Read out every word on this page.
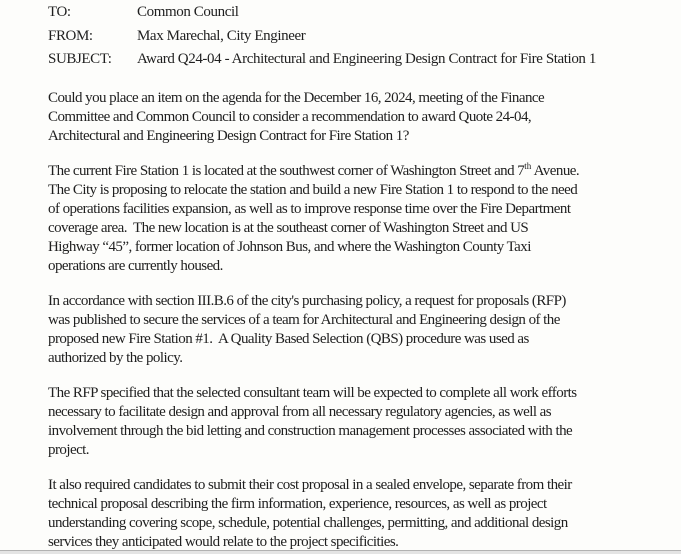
TO:	Common Council
FROM:	Max Marechal, City Engineer
SUBJECT:	Award Q24-04 - Architectural and Engineering Design Contract for Fire Station 1
Could you place an item on the agenda for the December 16, 2024, meeting of the Finance
Committee and Common Council to consider a recommendation to award Quote 24-04,
Architectural and Engineering Design Contract for Fire Station 1?
The current Fire Station 1 is located at the southwest corner of Washington Street and 7th Avenue.
The City is proposing to relocate the station and build a new Fire Station 1 to respond to the need
of operations facilities expansion, as well as to improve response time over the Fire Department
coverage area.  The new location is at the southeast corner of Washington Street and US
Highway “45”, former location of Johnson Bus, and where the Washington County Taxi
operations are currently housed.
In accordance with section III.B.6 of the city's purchasing policy, a request for proposals (RFP)
was published to secure the services of a team for Architectural and Engineering design of the
proposed new Fire Station #1.  A Quality Based Selection (QBS) procedure was used as
authorized by the policy.
The RFP specified that the selected consultant team will be expected to complete all work efforts
necessary to facilitate design and approval from all necessary regulatory agencies, as well as
involvement through the bid letting and construction management processes associated with the
project.
It also required candidates to submit their cost proposal in a sealed envelope, separate from their
technical proposal describing the firm information, experience, resources, as well as project
understanding covering scope, schedule, potential challenges, permitting, and additional design
services they anticipated would relate to the project specificities.
